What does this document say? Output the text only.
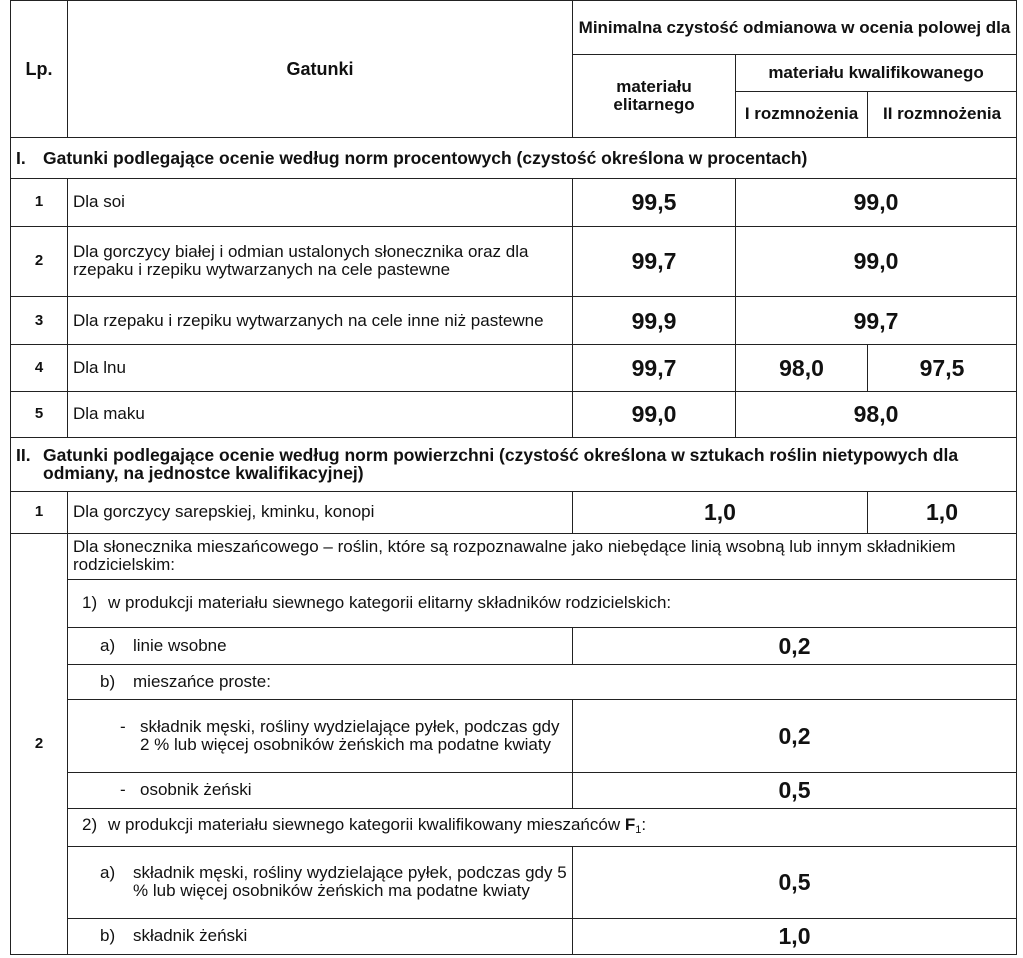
Lp.	Gatunki	Minimalna czystość odmianowa w ocenia polowej dla		
		materiału elitarnego	materiału kwalifikowanego	
			I rozmnożenia	II rozmnożenia

I. Gatunki podlegające ocenie według norm procentowych (czystość określona w procentach)				

1	Dla soi	99,5	99,0	
2	Dla gorczycy białej i odmian ustalonych słonecznika oraz dla rzepaku i rzepiku wytwarzanych na cele pastewne	99,7	99,0	
3	Dla rzepaku i rzepiku wytwarzanych na cele inne niż pastewne	99,9	99,7	
4	Dla lnu	99,7	98,0	97,5
5	Dla maku	99,0	98,0	

II. Gatunki podlegające ocenie według norm powierzchni (czystość określona w sztukach roślin nietypowych dla odmiany, na jednostce kwalifikacyjnej)				

1	Dla gorczycy sarepskiej, kminku, konopi	1,0		1,0
2	Dla słonecznika mieszańcowego – roślin, które są rozpoznawalne jako niebędące linią wsobną lub innym składnikiem rodzicielskim:			

	1) w produkcji materiału siewnego kategorii elitarny składników rodzicielskich:			

	a) linie wsobne	0,2		

	b) mieszańce proste:			

	- składnik męski, rośliny wydzielające pyłek, podczas gdy 2 % lub więcej osobników żeńskich ma podatne kwiaty	0,2		

	- osobnik żeński	0,5		

	2) w produkcji materiału siewnego kategorii kwalifikowany mieszańców $F_1$:			

	a) składnik męski, rośliny wydzielające pyłek, podczas gdy 5 % lub więcej osobników żeńskich ma podatne kwiaty	0,5		

	b) składnik żeński	1,0		
